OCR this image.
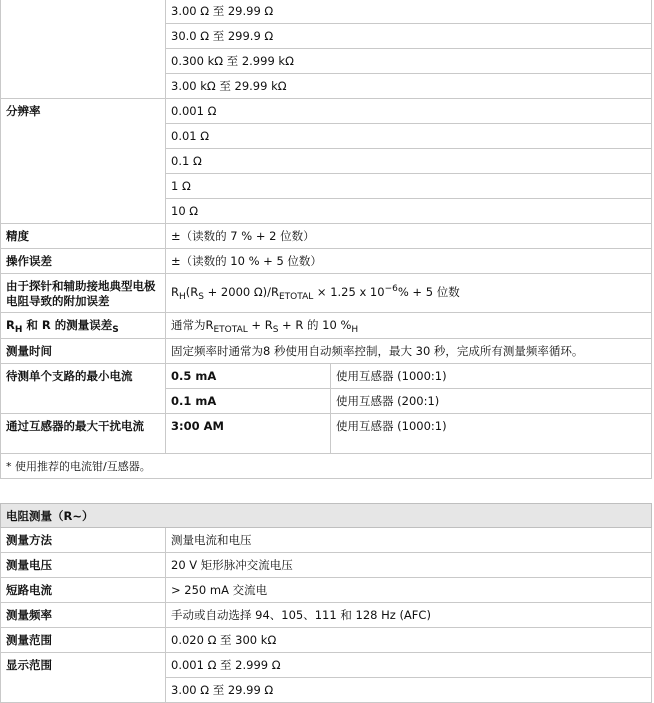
	3.00 Ω 至 29.99 Ω	
	30.0 Ω 至 299.9 Ω	
	0.300 kΩ 至 2.999 kΩ	
	3.00 kΩ 至 29.99 kΩ	
分辨率	0.001 Ω	
	0.01 Ω	
	0.1 Ω	
	1 Ω	
	10 Ω	
精度	±（读数的 7 % + 2 位数）	
操作误差	±（读数的 10 % + 5 位数）	
由于探针和辅助接地典型电极电阻导致的附加误差	$R_H(R_S + 2000$ $\Omega)/R_{ETOTAL} \times 1.25$ x $10^{-6}\% + 5$ 位数	
$R_H$ 和 R 的测量误差$_S$	通常为$R_{ETOTAL} + R_S + R$ 的 10 $\%_H$
测量时间	固定频率时通常为8 秒使用自动频率控制，最大 30 秒，完成所有测量频率循环。	
待测单个支路的最小电流	0.5 mA	使用互感器 (1000:1)
	0.1 mA	使用互感器 (200:1)
通过互感器的最大干扰电流	3:00 AM	使用互感器 (1000:1)
* 使用推荐的电流钳/互感器。		
电阻测量（R~）	
测量方法	测量电流和电压
测量电压	20 V 矩形脉冲交流电压
短路电流	> 250 mA 交流电
测量频率	手动或自动选择 94、105、111 和 128 Hz (AFC)
测量范围	0.020 Ω 至 300 kΩ
显示范围	0.001 Ω 至 2.999 Ω
	3.00 Ω 至 29.99 Ω
